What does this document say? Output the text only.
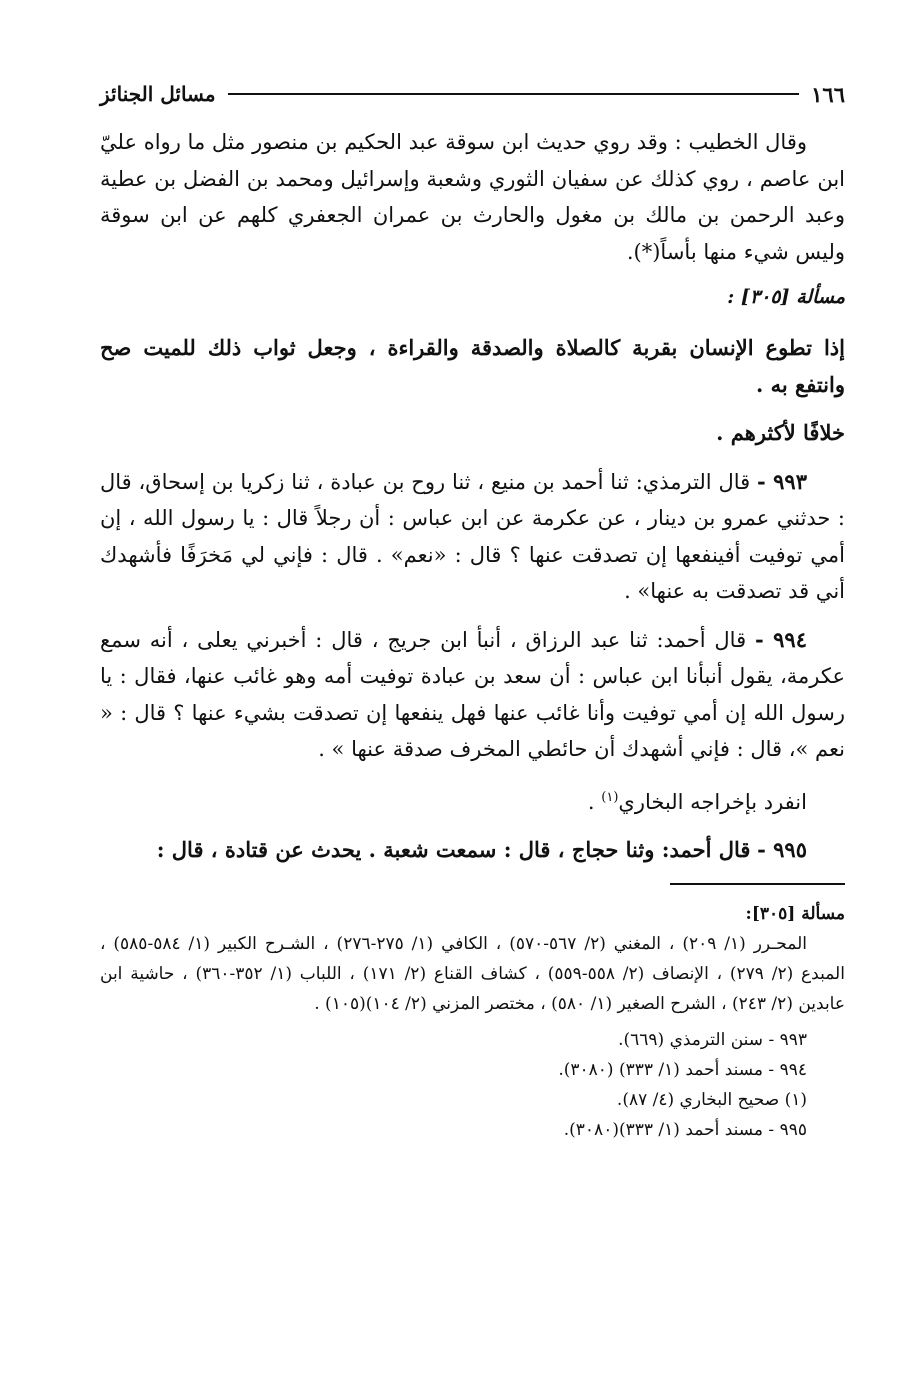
١٦٦
مسائل الجنائز

وقال الخطيب : وقد روي حديث ابن سوقة عبد الحكيم بن منصور مثل ما رواه عليّ ابن عاصم ، روي كذلك عن سفيان الثوري وشعبة وإسرائيل ومحمد بن الفضل بن عطية وعبد الرحمن بن مالك بن مغول والحارث بن عمران الجعفري كلهم عن ابن سوقة وليس شيء منها بأساً(*).

مسألة [٣٠٥] :

إذا تطوع الإنسان بقربة كالصلاة والصدقة والقراءة ، وجعل ثواب ذلك للميت صح وانتفع به .

خلافًا لأكثرهم .

٩٩٣ - قال الترمذي: ثنا أحمد بن منيع ، ثنا روح بن عبادة ، ثنا زكريا بن إسحاق، قال : حدثني عمرو بن دينار ، عن عكرمة عن ابن عباس : أن رجلاً قال : يا رسول الله ، إن أمي توفيت أفينفعها إن تصدقت عنها ؟ قال : «نعم» . قال : فإني لي مَخرَفًا فأشهدك أني قد تصدقت به عنها» .

٩٩٤ - قال أحمد: ثنا عبد الرزاق ، أنبأ ابن جريج ، قال : أخبرني يعلى ، أنه سمع عكرمة، يقول أنبأنا ابن عباس : أن سعد بن عبادة توفيت أمه وهو غائب عنها، فقال : يا رسول الله إن أمي توفيت وأنا غائب عنها فهل ينفعها إن تصدقت بشيء عنها ؟ قال : « نعم »، قال : فإني أشهدك أن حائطي المخرف صدقة عنها » .

انفرد بإخراجه البخاري$^{(١)}$ .

٩٩٥ - قال أحمد: وثنا حجاج ، قال : سمعت شعبة . يحدث عن قتادة ، قال :

مسألة [٣٠٥]:

المحـرر (١/ ٢٠٩) ، المغني (٢/ ٥٦٧-٥٧٠) ، الكافي (١/ ٢٧٥-٢٧٦) ، الشـرح الكبير (١/ ٥٨٤-٥٨٥) ، المبدع (٢/ ٢٧٩) ، الإنصاف (٢/ ٥٥٨-٥٥٩) ، كشاف القناع (٢/ ١٧١) ، اللباب (١/ ٣٥٢-٣٦٠) ، حاشية ابن عابدين (٢/ ٢٤٣) ، الشرح الصغير (١/ ٥٨٠) ، مختصر المزني (٢/ ١٠٤)(١٠٥) .

٩٩٣ - سنن الترمذي (٦٦٩).

٩٩٤ - مسند أحمد (١/ ٣٣٣) (٣٠٨٠).

(١) صحيح البخاري (٤/ ٨٧).

٩٩٥ - مسند أحمد (١/ ٣٣٣)(٣٠٨٠).
